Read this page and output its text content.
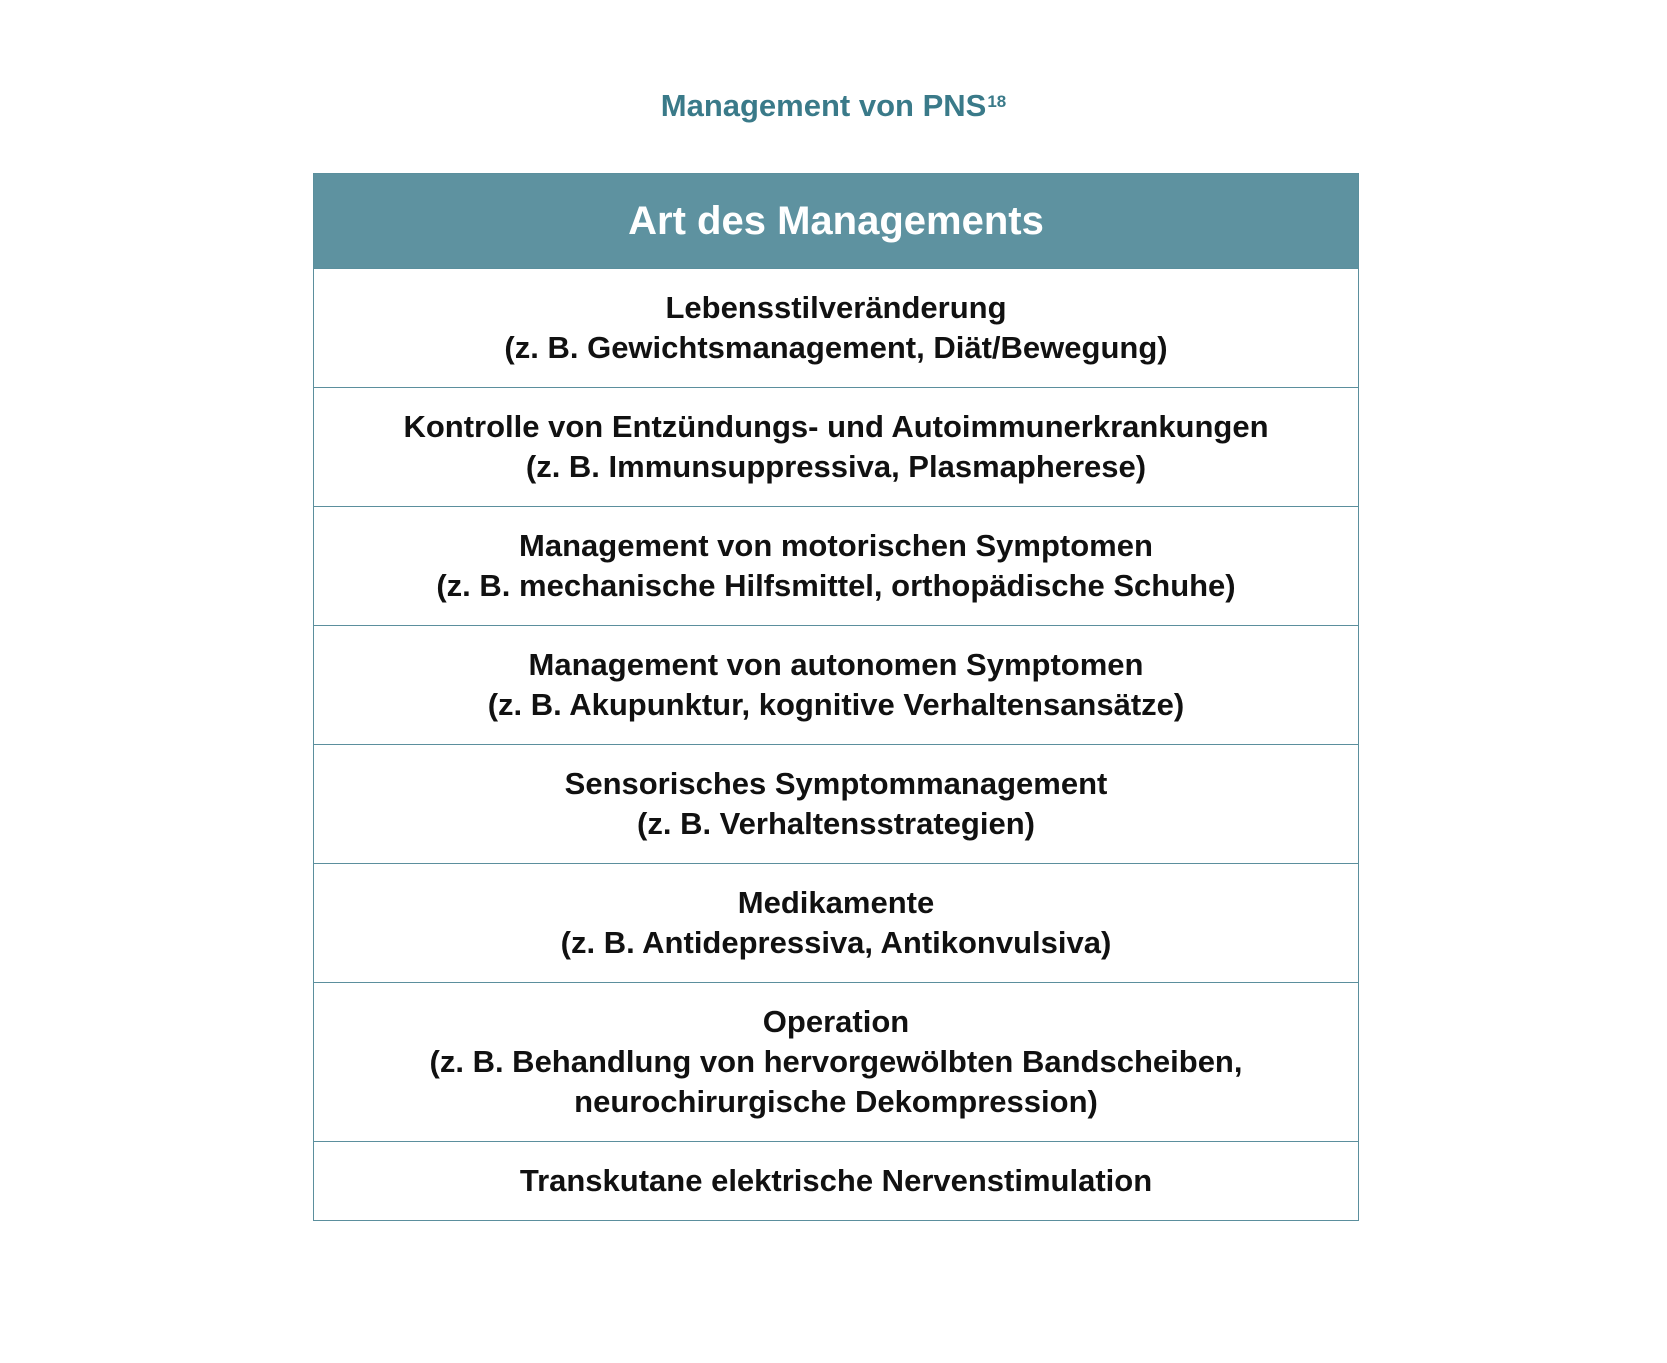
Management von PNS$^{18}$
Art des Managements
Lebensstilveränderung
(z. B. Gewichtsmanagement, Diät/Bewegung)
Kontrolle von Entzündungs- und Autoimmunerkrankungen
(z. B. Immunsuppressiva, Plasmapherese)
Management von motorischen Symptomen
(z. B. mechanische Hilfsmittel, orthopädische Schuhe)
Management von autonomen Symptomen
(z. B. Akupunktur, kognitive Verhaltensansätze)
Sensorisches Symptommanagement
(z. B. Verhaltensstrategien)
Medikamente
(z. B. Antidepressiva, Antikonvulsiva)
Operation
(z. B. Behandlung von hervorgewölbten Bandscheiben,
neurochirurgische Dekompression)
Transkutane elektrische Nervenstimulation
